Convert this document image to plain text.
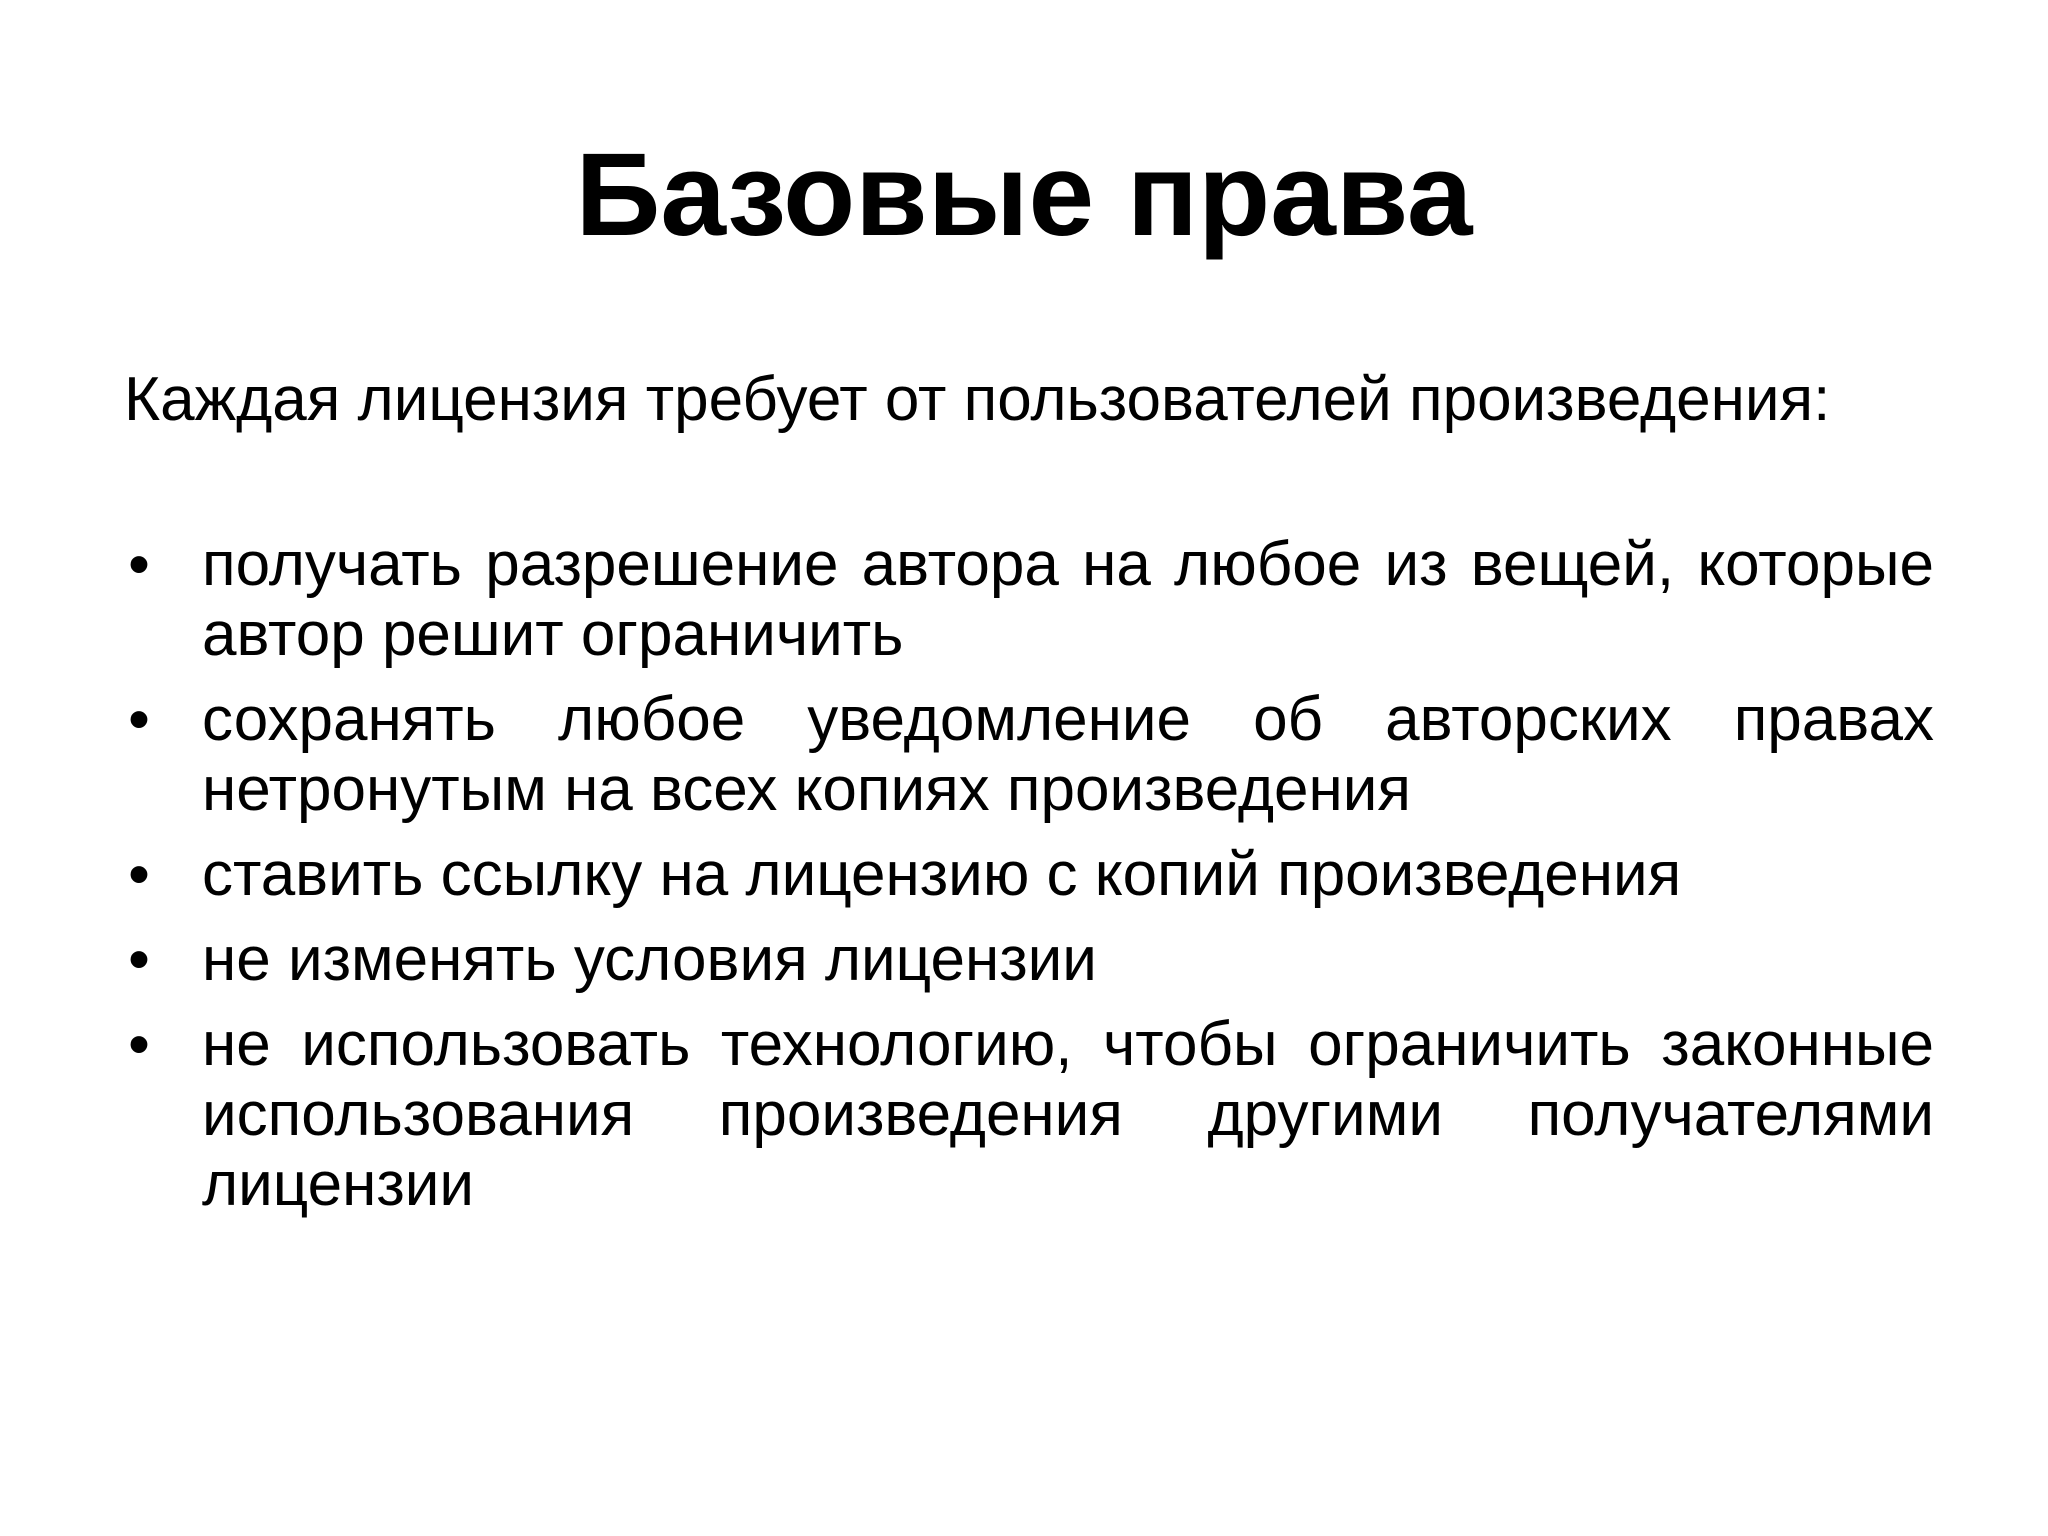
Базовые права

Каждая лицензия требует от пользователей произведения:

• получать разрешение автора на любое из вещей, которые автор решит ограничить
• сохранять любое уведомление об авторских правах нетронутым на всех копиях произведения
• ставить ссылку на лицензию с копий произведения
• не изменять условия лицензии
• не использовать технологию, чтобы ограничить законные использования произведения другими получателями лицензии
